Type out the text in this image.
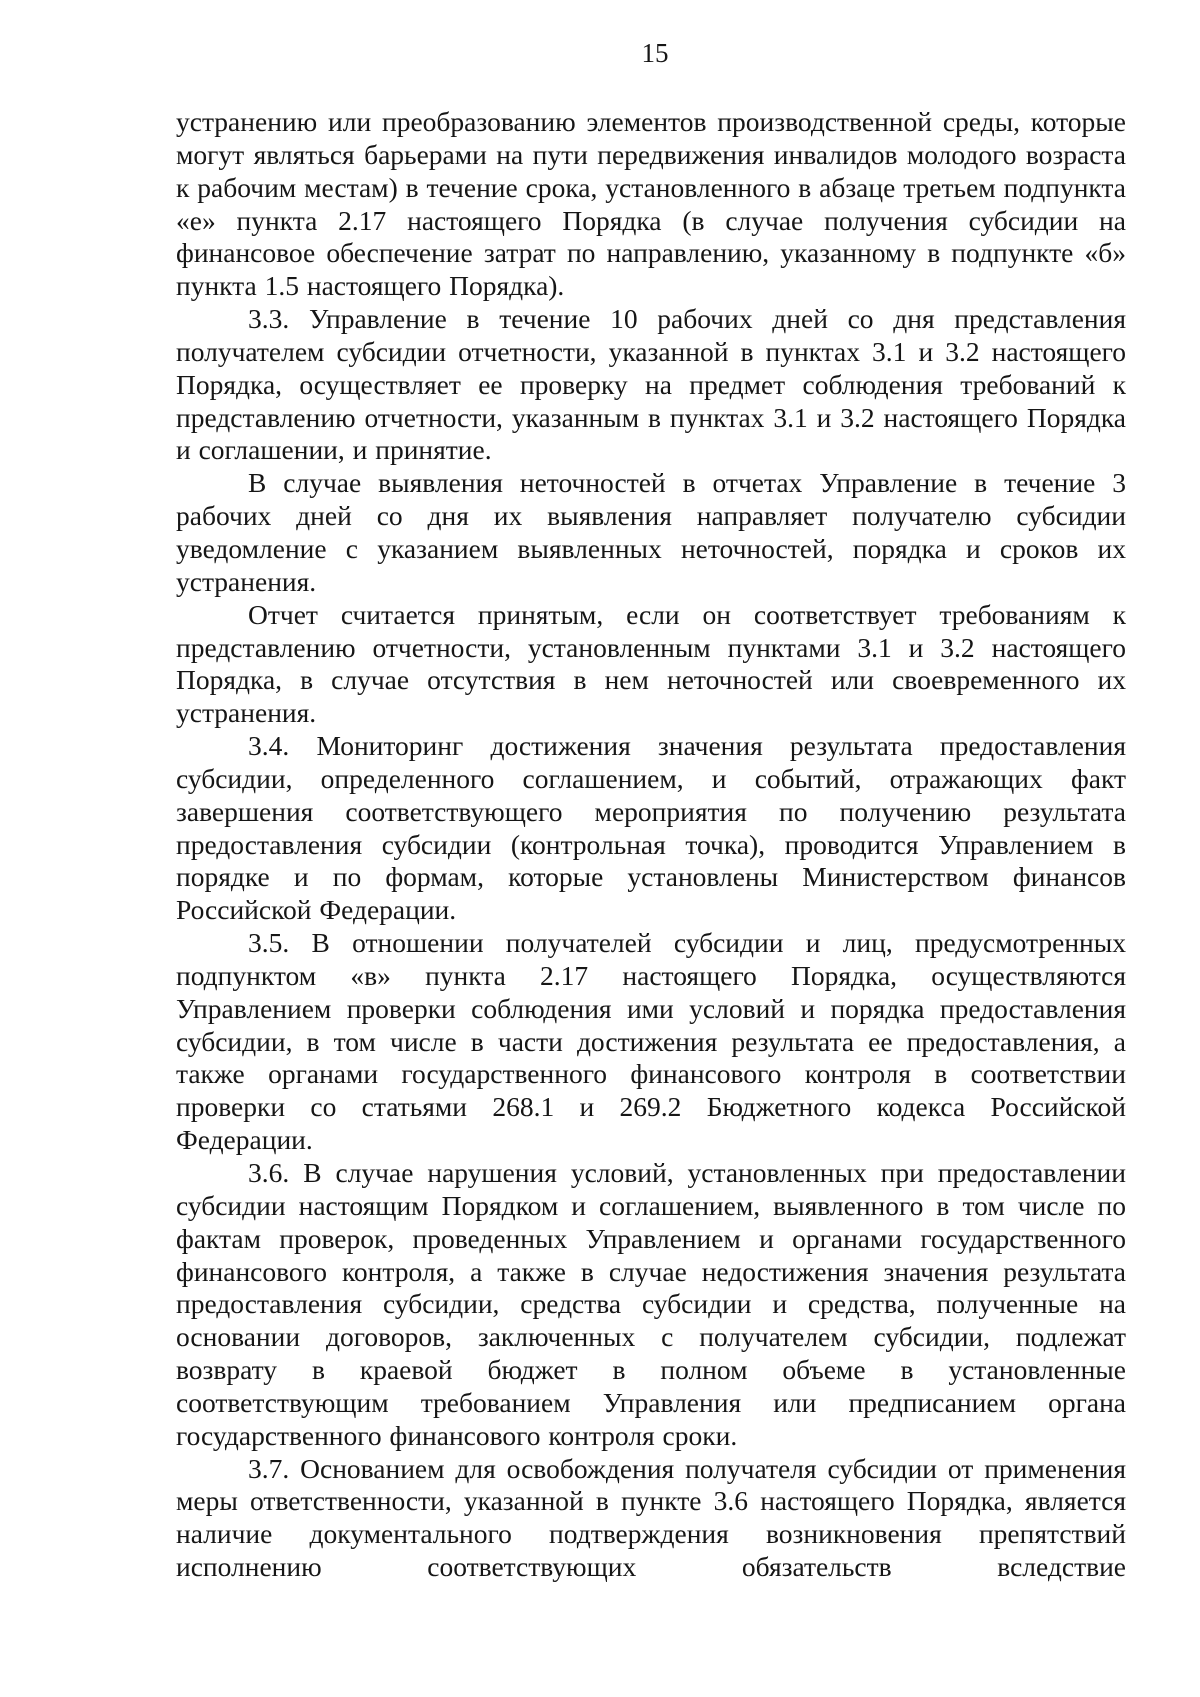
15

устранению или преобразованию элементов производственной среды, которые могут являться барьерами на пути передвижения инвалидов молодого возраста к рабочим местам) в течение срока, установленного в абзаце третьем подпункта «е» пункта 2.17 настоящего Порядка (в случае получения субсидии на финансовое обеспечение затрат по направлению, указанному в подпункте «б» пункта 1.5 настоящего Порядка).

3.3. Управление в течение 10 рабочих дней со дня представления получателем субсидии отчетности, указанной в пунктах 3.1 и 3.2 настоящего Порядка, осуществляет ее проверку на предмет соблюдения требований к представлению отчетности, указанным в пунктах 3.1 и 3.2 настоящего Порядка и соглашении, и принятие.

В случае выявления неточностей в отчетах Управление в течение 3 рабочих дней со дня их выявления направляет получателю субсидии уведомление с указанием выявленных неточностей, порядка и сроков их устранения.

Отчет считается принятым, если он соответствует требованиям к представлению отчетности, установленным пунктами 3.1 и 3.2 настоящего Порядка, в случае отсутствия в нем неточностей или своевременного их устранения.

3.4. Мониторинг достижения значения результата предоставления субсидии, определенного соглашением, и событий, отражающих факт завершения соответствующего мероприятия по получению результата предоставления субсидии (контрольная точка), проводится Управлением в порядке и по формам, которые установлены Министерством финансов Российской Федерации.

3.5. В отношении получателей субсидии и лиц, предусмотренных подпунктом «в» пункта 2.17 настоящего Порядка, осуществляются Управлением проверки соблюдения ими условий и порядка предоставления субсидии, в том числе в части достижения результата ее предоставления, а также органами государственного финансового контроля в соответствии проверки со статьями 268.1 и 269.2 Бюджетного кодекса Российской Федерации.

3.6. В случае нарушения условий, установленных при предоставлении субсидии настоящим Порядком и соглашением, выявленного в том числе по фактам проверок, проведенных Управлением и органами государственного финансового контроля, а также в случае недостижения значения результата предоставления субсидии, средства субсидии и средства, полученные на основании договоров, заключенных с получателем субсидии, подлежат возврату в краевой бюджет в полном объеме в установленные соответствующим требованием Управления или предписанием органа государственного финансового контроля сроки.

3.7. Основанием для освобождения получателя субсидии от применения меры ответственности, указанной в пункте 3.6 настоящего Порядка, является наличие документального подтверждения возникновения препятствий исполнению соответствующих обязательств вследствие
